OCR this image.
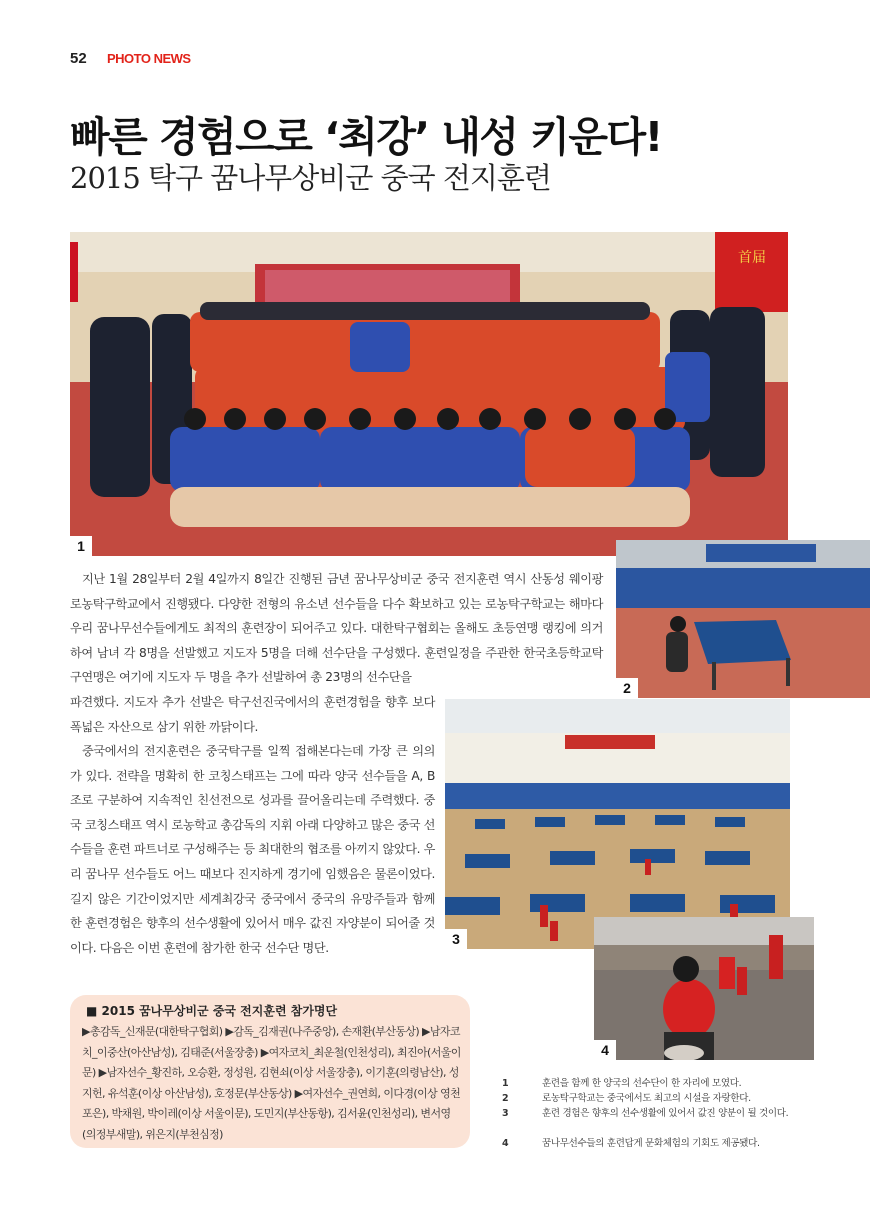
52 PHOTO NEWS
빠른 경험으로 ‘최강’ 내성 키운다!
2015 탁구 꿈나무상비군 중국 전지훈련
首届
1
2
3
4
지난 1월 28일부터 2월 4일까지 8일간 진행된 금년 꿈나무상비군 중국 전지훈련 역시 산동성 웨이팡 로농탁구학교에서 진행됐다. 다양한 전형의 유소년 선수들을 다수 확보하고 있는 로농탁구학교는 해마다 우리 꿈나무선수들에게도 최적의 훈련장이 되어주고 있다. 대한탁구협회는 올해도 초등연맹 랭킹에 의거하여 남녀 각 8명을 선발했고 지도자 5명을 더해 선수단을 구성했다. 훈련일정을 주관한 한국초등학교탁구연맹은 여기에 지도자 두 명을 추가 선발하여 총 23명의 선수단을
파견했다. 지도자 추가 선발은 탁구선진국에서의 훈련경험을 향후 보다 폭넓은 자산으로 삼기 위한 까닭이다.
중국에서의 전지훈련은 중국탁구를 일찍 접해본다는데 가장 큰 의의가 있다. 전략을 명확히 한 코칭스태프는 그에 따라 양국 선수들을 A, B조로 구분하여 지속적인 친선전으로 성과를 끌어올리는데 주력했다. 중국 코칭스태프 역시 로농학교 총감독의 지휘 아래 다양하고 많은 중국 선수들을 훈련 파트너로 구성해주는 등 최대한의 협조를 아끼지 않았다. 우리 꿈나무 선수들도 어느 때보다 진지하게 경기에 임했음은 물론이었다. 길지 않은 기간이었지만 세계최강국 중국에서 중국의 유망주들과 함께 한 훈련경험은 향후의 선수생활에 있어서 매우 값진 자양분이 되어줄 것이다. 다음은 이번 훈련에 참가한 한국 선수단 명단.
■ 2015 꿈나무상비군 중국 전지훈련 참가명단
▶총감독_신재문(대한탁구협회) ▶감독_김재권(나주중앙), 손재환(부산동상) ▶남자코치_이중산(아산남성), 김태준(서울장충) ▶여자코치_최운철(인천성리), 최진아(서울이문) ▶남자선수_황진하, 오승환, 정성원, 김현쇠(이상 서울장충), 이기훈(의령남산), 성지헌, 유석훈(이상 아산남성), 호정문(부산동상) ▶여자선수_권연희, 이다경(이상 영천포은), 박채원, 박이레(이상 서울이문), 도민지(부산동항), 김서윤(인천성리), 변서영(의정부새말), 위은지(부천심정)
1	훈련을 함께 한 양국의 선수단이 한 자리에 모였다.
2	로농탁구학교는 중국에서도 최고의 시설을 자랑한다.
3	훈련 경험은 향후의 선수생활에 있어서 값진 양분이 될 것이다.
4	꿈나무선수들의 훈련답게 문화체험의 기회도 제공됐다.
